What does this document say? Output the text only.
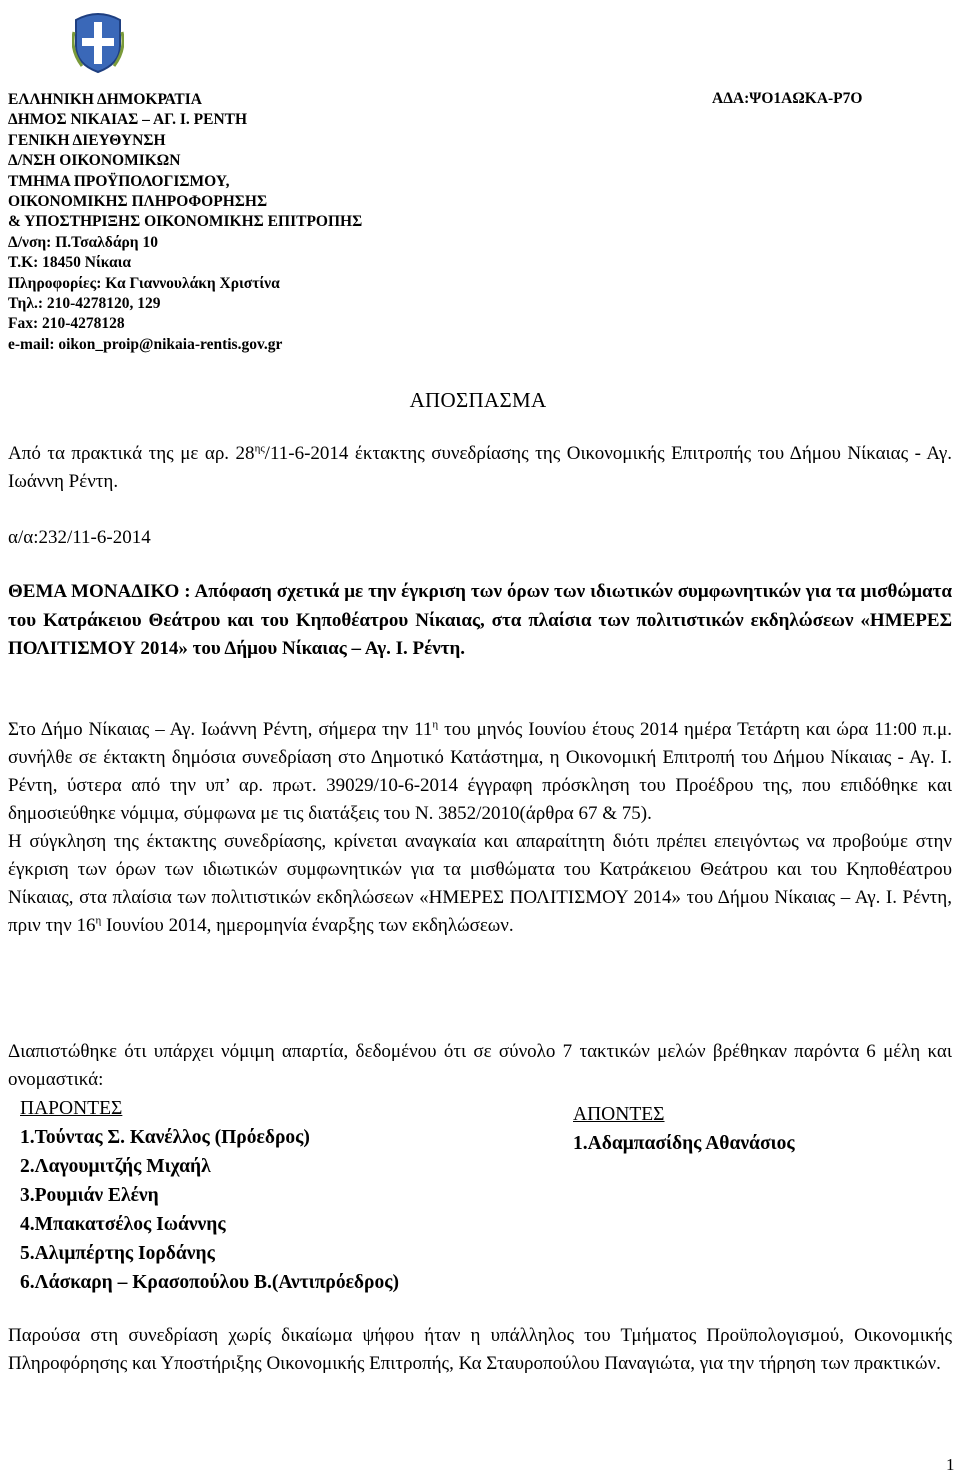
ΕΛΛΗΝΙΚΗ ΔΗΜΟΚΡΑΤΙΑ
ΔΗΜΟΣ ΝΙΚΑΙΑΣ – ΑΓ. Ι. ΡΕΝΤΗ
ΓΕΝΙΚΗ ΔΙΕΥΘΥΝΣΗ
Δ/ΝΣΗ ΟΙΚΟΝΟΜΙΚΩΝ
ΤΜΗΜΑ ΠΡΟΫΠΟΛΟΓΙΣΜΟΥ,
ΟΙΚΟΝΟΜΙΚΗΣ ΠΛΗΡΟΦΟΡΗΣΗΣ
& ΥΠΟΣΤΗΡΙΞΗΣ ΟΙΚΟΝΟΜΙΚΗΣ ΕΠΙΤΡΟΠΗΣ
Δ/νση: Π.Τσαλδάρη 10
Τ.Κ: 18450 Νίκαια
Πληροφορίες: Κα Γιαννουλάκη Χριστίνα
Τηλ.: 210-4278120, 129
Fax: 210-4278128
e-mail: oikon_proip@nikaia-rentis.gov.gr
ΑΔΑ:ΨΟ1ΑΩΚΑ-Ρ7Ο
ΑΠΟΣΠΑΣΜΑ
Από τα πρακτικά της με αρ. $28^{\eta\varsigma}/11-6-2014$ έκτακτης συνεδρίασης της Οικονομικής Επιτροπής του Δήμου Νίκαιας - Αγ. Ιωάννη Ρέντη.
α/α:232/11-6-2014
ΘΕΜΑ ΜΟΝΑΔΙΚΟ : Απόφαση σχετικά με την έγκριση των όρων των ιδιωτικών συμφωνητικών για τα μισθώματα του Κατράκειου Θεάτρου και του Κηποθέατρου Νίκαιας, στα πλαίσια των πολιτιστικών εκδηλώσεων «ΗΜΕΡΕΣ ΠΟΛΙΤΙΣΜΟΥ 2014» του Δήμου Νίκαιας – Αγ. Ι. Ρέντη.

Στο Δήμο Νίκαιας – Αγ. Ιωάννη Ρέντη, σήμερα την $11^\eta$ του μηνός Ιουνίου έτους 2014 ημέρα Τετάρτη και ώρα 11:00 π.μ. συνήλθε σε έκτακτη δημόσια συνεδρίαση στο Δημοτικό Κατάστημα, η Οικονομική Επιτροπή του Δήμου Νίκαιας - Αγ. Ι. Ρέντη, ύστερα από την υπ’ αρ. πρωτ. 39029/10-6-2014 έγγραφη πρόσκληση του Προέδρου της, που επιδόθηκε και δημοσιεύθηκε νόμιμα, σύμφωνα με τις διατάξεις του Ν. 3852/2010(άρθρα 67 & 75).

Η σύγκληση της έκτακτης συνεδρίασης, κρίνεται αναγκαία και απαραίτητη διότι πρέπει επειγόντως να προβούμε στην έγκριση των όρων των ιδιωτικών συμφωνητικών για τα μισθώματα του Κατράκειου Θεάτρου και του Κηποθέατρου Νίκαιας, στα πλαίσια των πολιτιστικών εκδηλώσεων «ΗΜΕΡΕΣ ΠΟΛΙΤΙΣΜΟΥ 2014» του Δήμου Νίκαιας – Αγ. Ι. Ρέντη, πριν την $16^\eta$ Ιουνίου 2014, ημερομηνία έναρξης των εκδηλώσεων.

Διαπιστώθηκε ότι υπάρχει νόμιμη απαρτία, δεδομένου ότι σε σύνολο 7 τακτικών μελών βρέθηκαν παρόντα 6 μέλη και ονομαστικά:
ΠΑΡΟΝΤΕΣ
1.Τούντας Σ. Κανέλλος (Πρόεδρος)
2.Λαγουμιτζής Μιχαήλ
3.Ρουμιάν Ελένη
4.Μπακατσέλος Ιωάννης
5.Αλιμπέρτης Ιορδάνης
6.Λάσκαρη – Κρασοπούλου Β.(Αντιπρόεδρος)
ΑΠΟΝΤΕΣ
1.Αδαμπασίδης Αθανάσιος
Παρούσα στη συνεδρίαση χωρίς δικαίωμα ψήφου ήταν η υπάλληλος του Τμήματος Προϋπολογισμού, Οικονομικής Πληροφόρησης και Υποστήριξης Οικονομικής Επιτροπής, Κα Σταυροπούλου Παναγιώτα, για την τήρηση των πρακτικών.
1
